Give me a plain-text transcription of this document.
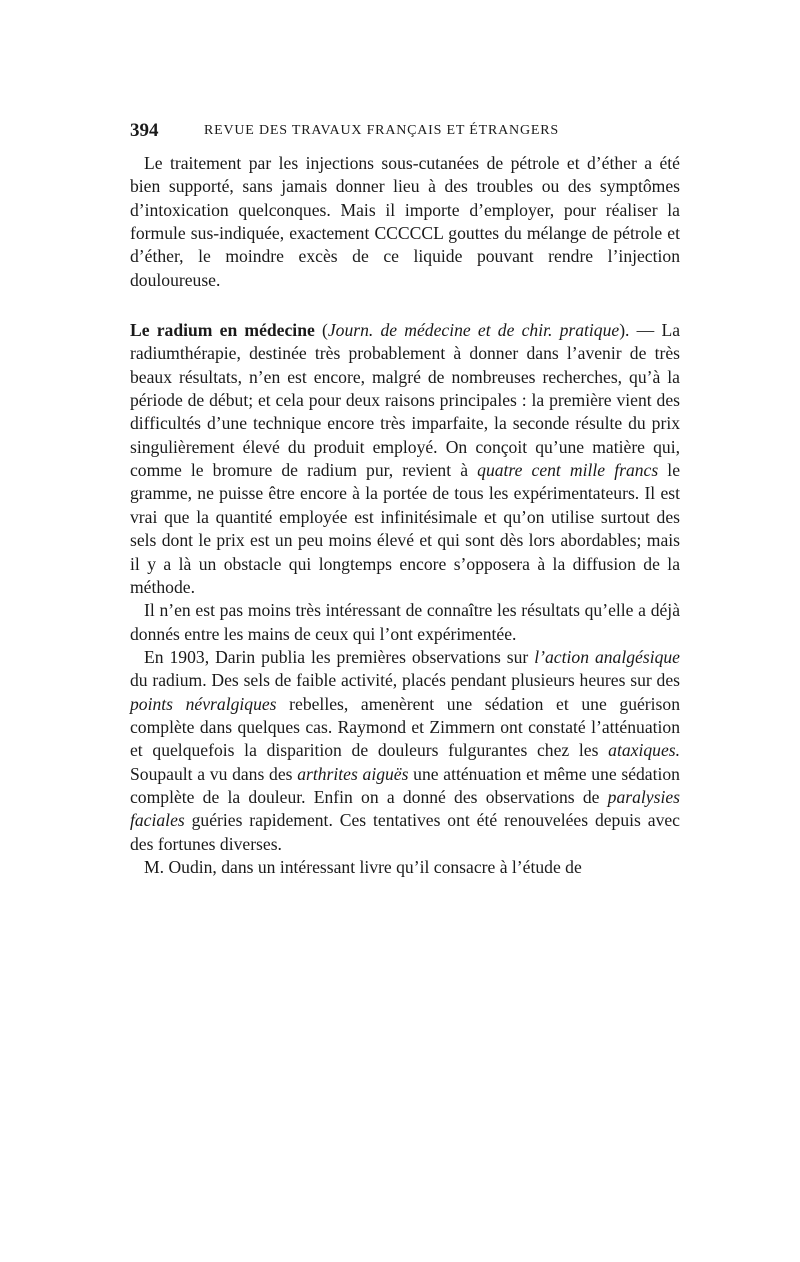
394	REVUE DES TRAVAUX FRANÇAIS ET ÉTRANGERS

Le traitement par les injections sous-cutanées de pétrole et d’éther a été bien supporté, sans jamais donner lieu à des troubles ou des symptômes d’intoxication quelconques. Mais il importe d’employer, pour réaliser la formule sus-indiquée, exactement CCCCCL gouttes du mélange de pétrole et d’éther, le moindre excès de ce liquide pouvant rendre l’injection douloureuse.

Le radium en médecine (Journ. de médecine et de chir. pratique). — La radiumthérapie, destinée très probablement à donner dans l’avenir de très beaux résultats, n’en est encore, malgré de nombreuses recherches, qu’à la période de début; et cela pour deux raisons principales : la première vient des difficultés d’une technique encore très imparfaite, la seconde résulte du prix singulièrement élevé du produit employé. On conçoit qu’une matière qui, comme le bromure de radium pur, revient à quatre cent mille francs le gramme, ne puisse être encore à la portée de tous les expérimentateurs. Il est vrai que la quantité employée est infinitésimale et qu’on utilise surtout des sels dont le prix est un peu moins élevé et qui sont dès lors abordables; mais il y a là un obstacle qui longtemps encore s’opposera à la diffusion de la méthode.

Il n’en est pas moins très intéressant de connaître les résultats qu’elle a déjà donnés entre les mains de ceux qui l’ont expérimentée.

En 1903, Darin publia les premières observations sur l’action analgésique du radium. Des sels de faible activité, placés pendant plusieurs heures sur des points névralgiques rebelles, amenèrent une sédation et une guérison complète dans quelques cas. Raymond et Zimmern ont constaté l’atténuation et quelquefois la disparition de douleurs fulgurantes chez les ataxiques. Soupault a vu dans des arthrites aiguës une atténuation et même une sédation complète de la douleur. Enfin on a donné des observations de paralysies faciales guéries rapidement. Ces tentatives ont été renouvelées depuis avec des fortunes diverses.

M. Oudin, dans un intéressant livre qu’il consacre à l’étude de
